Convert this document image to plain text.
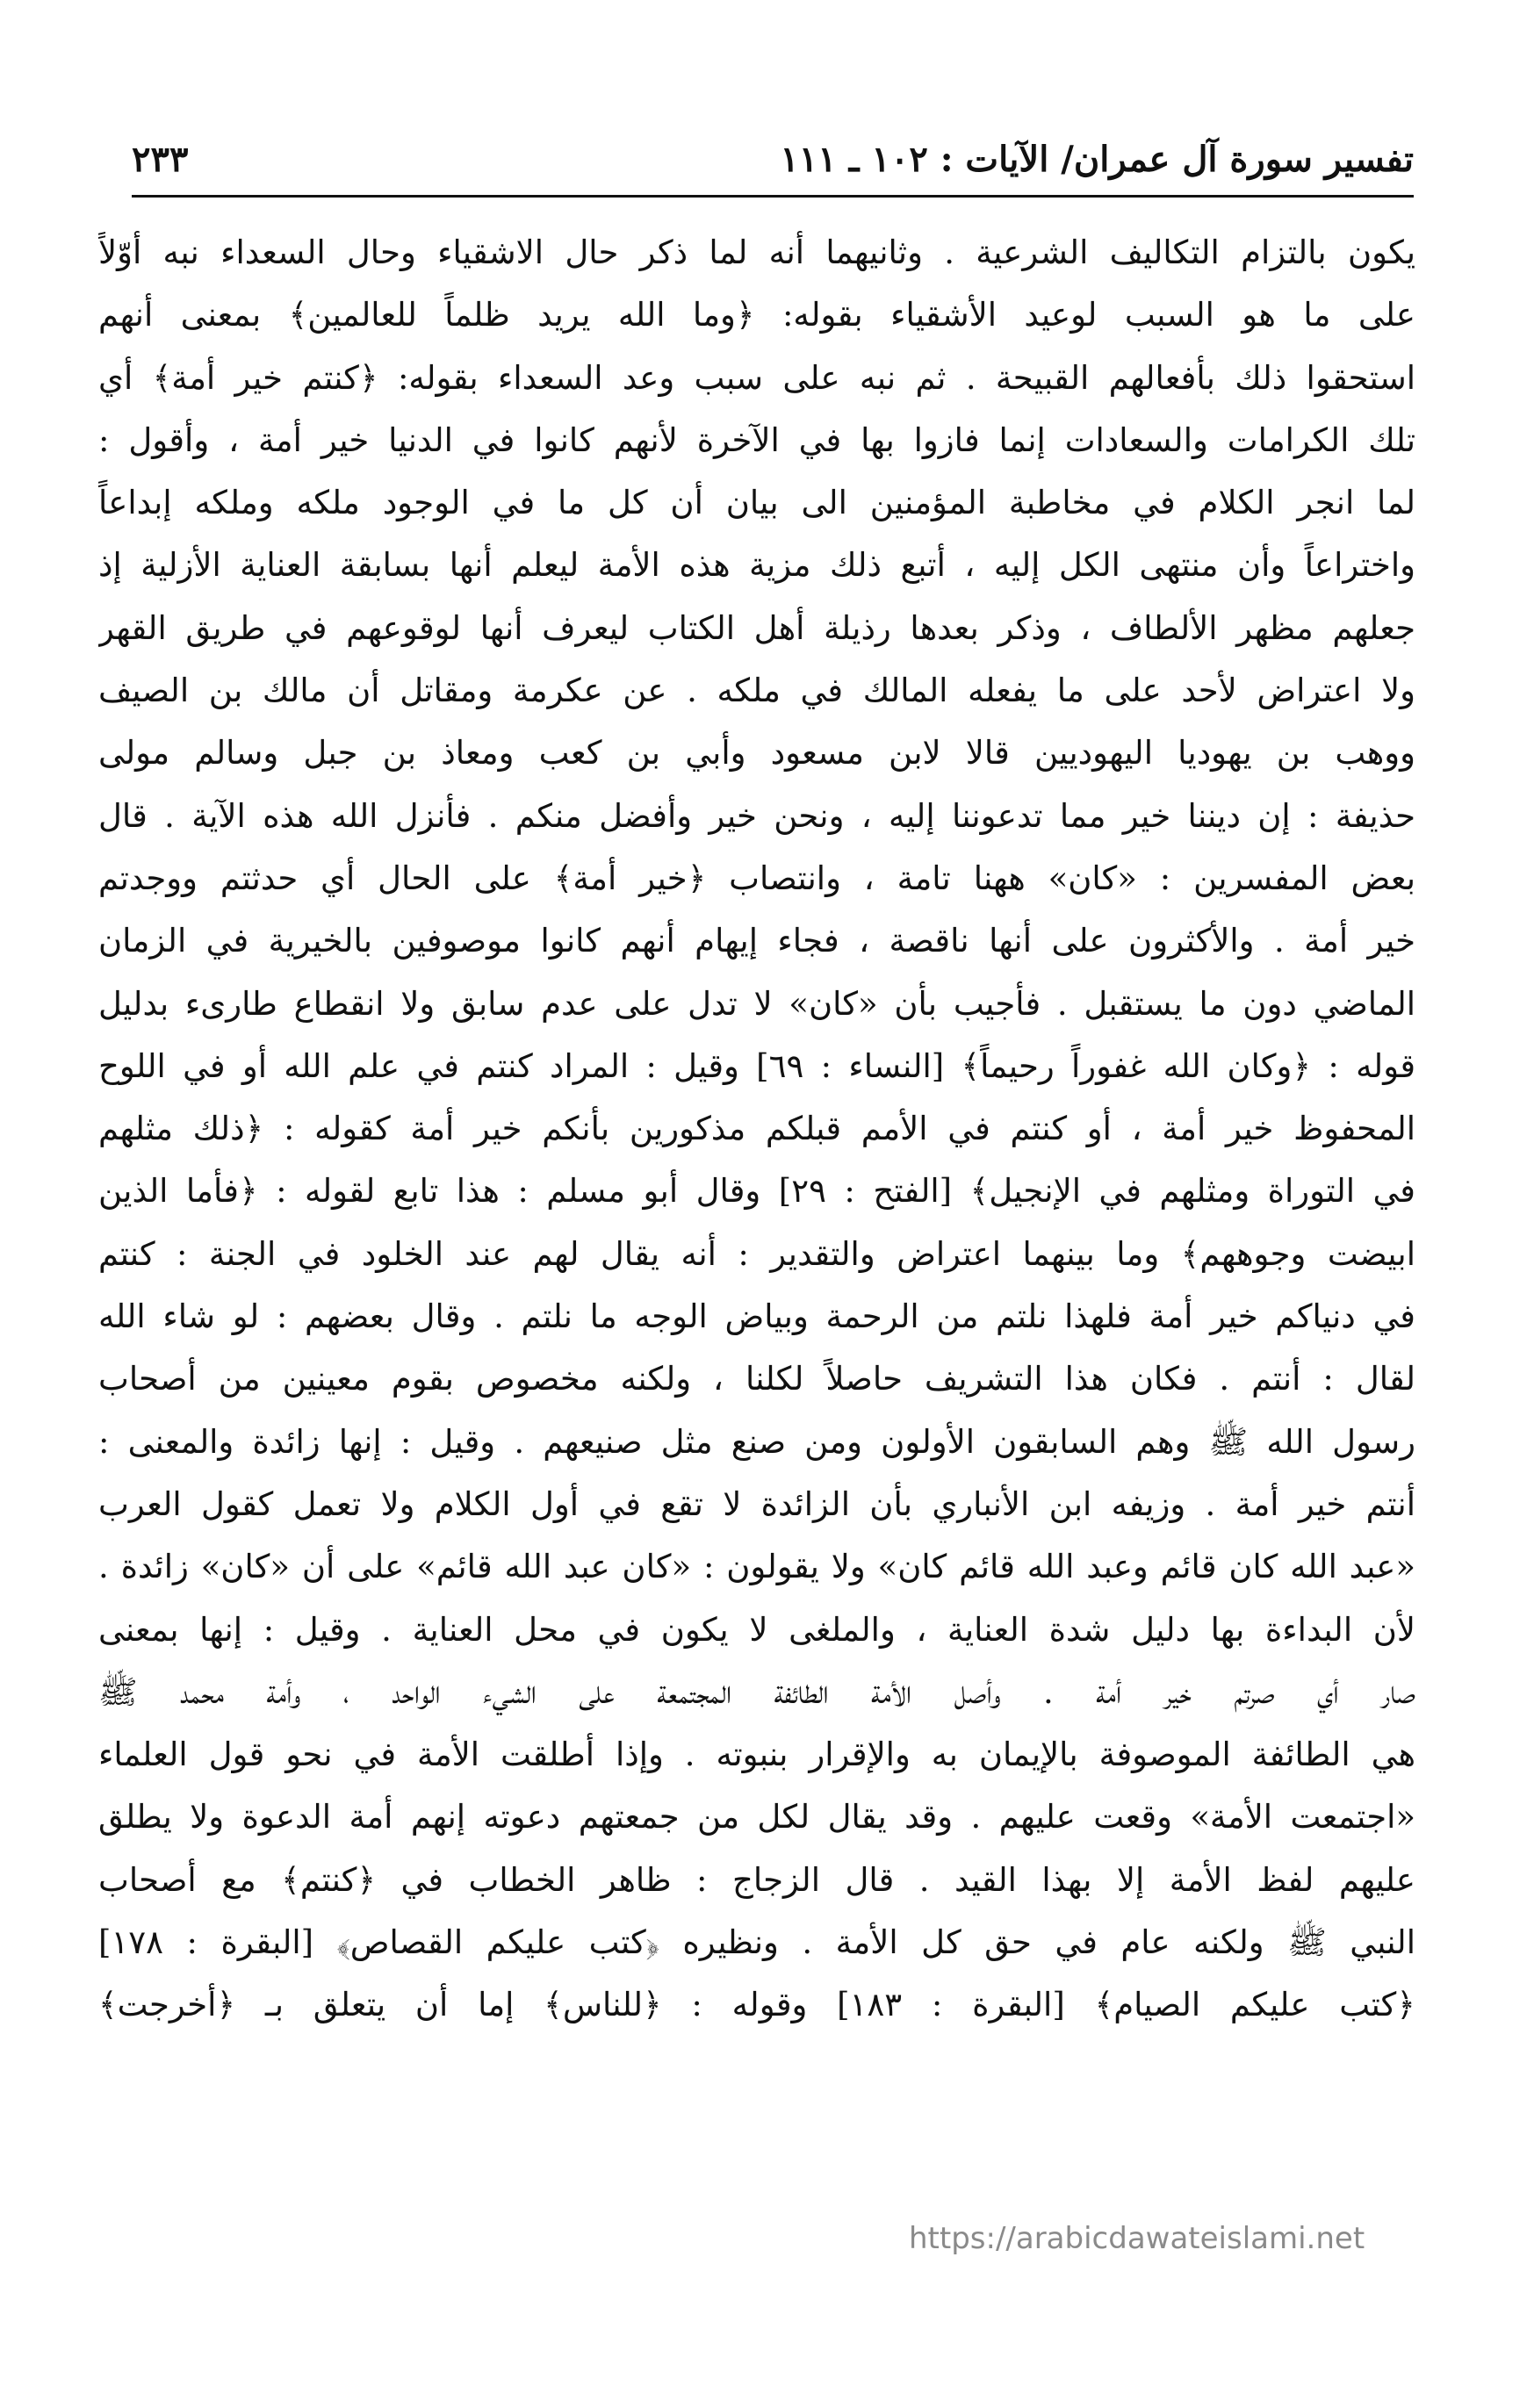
تفسير سورة آل عمران/ الآيات : ١٠٢ ـ ١١١
٢٣٣
يكون بالتزام التكاليف الشرعية . وثانيهما أنه لما ذكر حال الاشقياء وحال السعداء نبه أوّلاً
على ما هو السبب لوعيد الأشقياء بقوله: ﴿وما الله يريد ظلماً للعالمين﴾ بمعنى أنهم
استحقوا ذلك بأفعالهم القبيحة . ثم نبه على سبب وعد السعداء بقوله: ﴿كنتم خير أمة﴾ أي
تلك الكرامات والسعادات إنما فازوا بها في الآخرة لأنهم كانوا في الدنيا خير أمة ، وأقول :
لما انجر الكلام في مخاطبة المؤمنين الى بيان أن كل ما في الوجود ملكه وملكه إبداعاً
واختراعاً وأن منتهى الكل إليه ، أتبع ذلك مزية هذه الأمة ليعلم أنها بسابقة العناية الأزلية إذ
جعلهم مظهر الألطاف ، وذكر بعدها رذيلة أهل الكتاب ليعرف أنها لوقوعهم في طريق القهر
ولا اعتراض لأحد على ما يفعله المالك في ملكه . عن عكرمة ومقاتل أن مالك بن الصيف
ووهب بن يهوديا اليهوديين قالا لابن مسعود وأبي بن كعب ومعاذ بن جبل وسالم مولى
حذيفة : إن ديننا خير مما تدعوننا إليه ، ونحن خير وأفضل منكم . فأنزل الله هذه الآية . قال
بعض المفسرين : «كان» ههنا تامة ، وانتصاب ﴿خير أمة﴾ على الحال أي حدثتم ووجدتم
خير أمة . والأكثرون على أنها ناقصة ، فجاء إيهام أنهم كانوا موصوفين بالخيرية في الزمان
الماضي دون ما يستقبل . فأجيب بأن «كان» لا تدل على عدم سابق ولا انقطاع طارىء بدليل
قوله : ﴿وكان الله غفوراً رحيماً﴾ [النساء : ٦٩] وقيل : المراد كنتم في علم الله أو في اللوح
المحفوظ خير أمة ، أو كنتم في الأمم قبلكم مذكورين بأنكم خير أمة كقوله : ﴿ذلك مثلهم
في التوراة ومثلهم في الإنجيل﴾ [الفتح : ٢٩] وقال أبو مسلم : هذا تابع لقوله : ﴿فأما الذين
ابيضت وجوههم﴾ وما بينهما اعتراض والتقدير : أنه يقال لهم عند الخلود في الجنة : كنتم
في دنياكم خير أمة فلهذا نلتم من الرحمة وبياض الوجه ما نلتم . وقال بعضهم : لو شاء الله
لقال : أنتم . فكان هذا التشريف حاصلاً لكلنا ، ولكنه مخصوص بقوم معينين من أصحاب
رسول الله ﷺ وهم السابقون الأولون ومن صنع مثل صنيعهم . وقيل : إنها زائدة والمعنى :
أنتم خير أمة . وزيفه ابن الأنباري بأن الزائدة لا تقع في أول الكلام ولا تعمل كقول العرب
«عبد الله كان قائم وعبد الله قائم كان» ولا يقولون : «كان عبد الله قائم» على أن «كان» زائدة .
لأن البداءة بها دليل شدة العناية ، والملغى لا يكون في محل العناية . وقيل : إنها بمعنى
صار أي صرتم خير أمة . وأصل الأمة الطائفة المجتمعة على الشيء الواحد ، وأمة محمد ﷺ
هي الطائفة الموصوفة بالإيمان به والإقرار بنبوته . وإذا أطلقت الأمة في نحو قول العلماء
«اجتمعت الأمة» وقعت عليهم . وقد يقال لكل من جمعتهم دعوته إنهم أمة الدعوة ولا يطلق
عليهم لفظ الأمة إلا بهذا القيد . قال الزجاج : ظاهر الخطاب في ﴿كنتم﴾ مع أصحاب
النبي ﷺ ولكنه عام في حق كل الأمة . ونظيره ﴿كتب عليكم القصاص﴾ [البقرة : ١٧٨]
﴿كتب عليكم الصيام﴾ [البقرة : ١٨٣] وقوله : ﴿للناس﴾ إما أن يتعلق بـ ﴿أخرجت﴾
https://arabicdawateislami.net
